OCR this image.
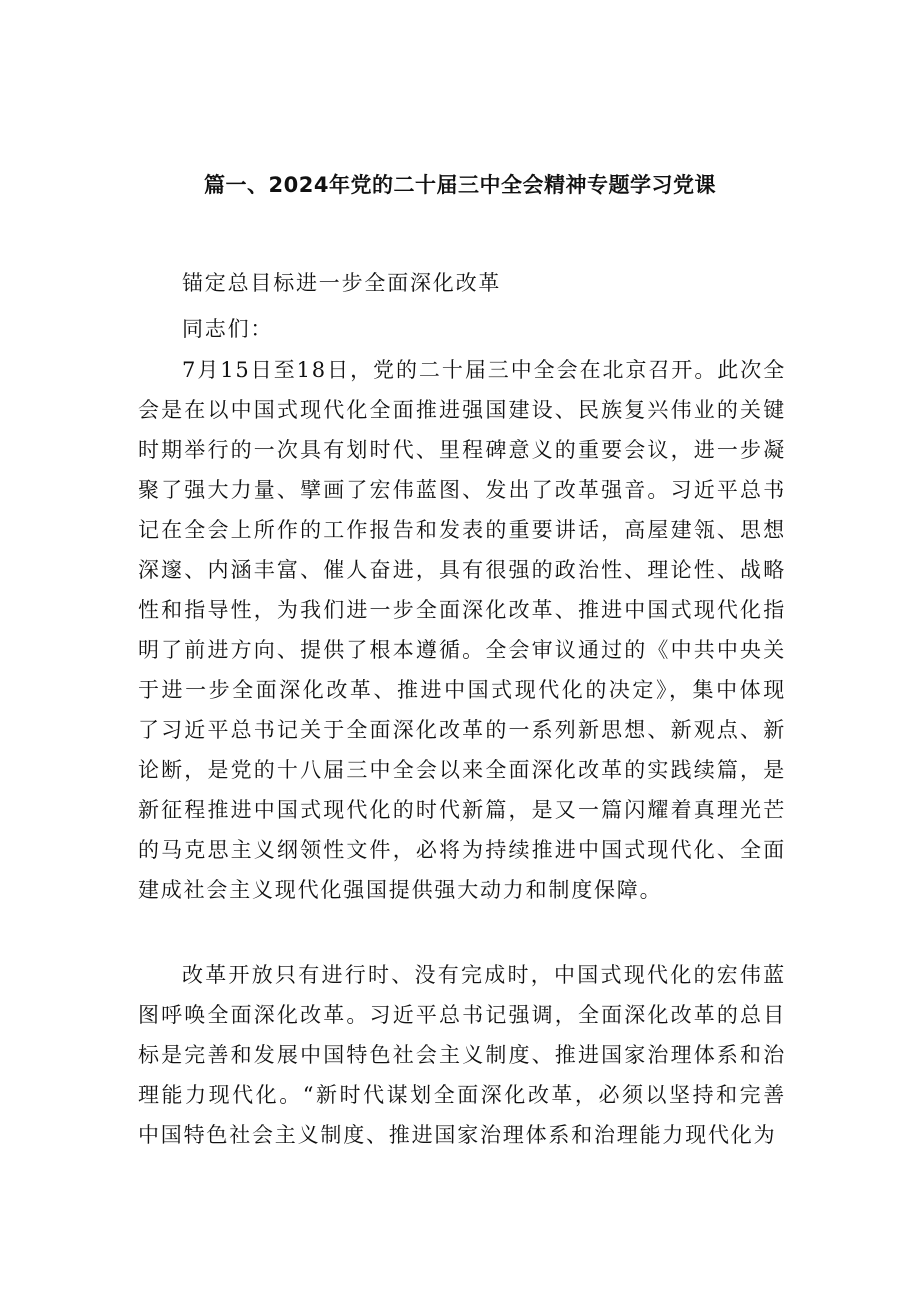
篇一、2024年党的二十届三中全会精神专题学习党课
锚定总目标进一步全面深化改革
同志们：

7月15日至18日，党的二十届三中全会在北京召开。此次全会是在以中国式现代化全面推进强国建设、民族复兴伟业的关键时期举行的一次具有划时代、里程碑意义的重要会议，进一步凝聚了强大力量、擘画了宏伟蓝图、发出了改革强音。习近平总书记在全会上所作的工作报告和发表的重要讲话，高屋建瓴、思想深邃、内涵丰富、催人奋进，具有很强的政治性、理论性、战略性和指导性，为我们进一步全面深化改革、推进中国式现代化指明了前进方向、提供了根本遵循。全会审议通过的《中共中央关于进一步全面深化改革、推进中国式现代化的决定》，集中体现了习近平总书记关于全面深化改革的一系列新思想、新观点、新论断，是党的十八届三中全会以来全面深化改革的实践续篇，是新征程推进中国式现代化的时代新篇，是又一篇闪耀着真理光芒的马克思主义纲领性文件，必将为持续推进中国式现代化、全面建成社会主义现代化强国提供强大动力和制度保障。

改革开放只有进行时、没有完成时，中国式现代化的宏伟蓝图呼唤全面深化改革。习近平总书记强调，全面深化改革的总目标是完善和发展中国特色社会主义制度、推进国家治理体系和治理能力现代化。“新时代谋划全面深化改革，必须以坚持和完善中国特色社会主义制度、推进国家治理体系和治理能力现代化为
